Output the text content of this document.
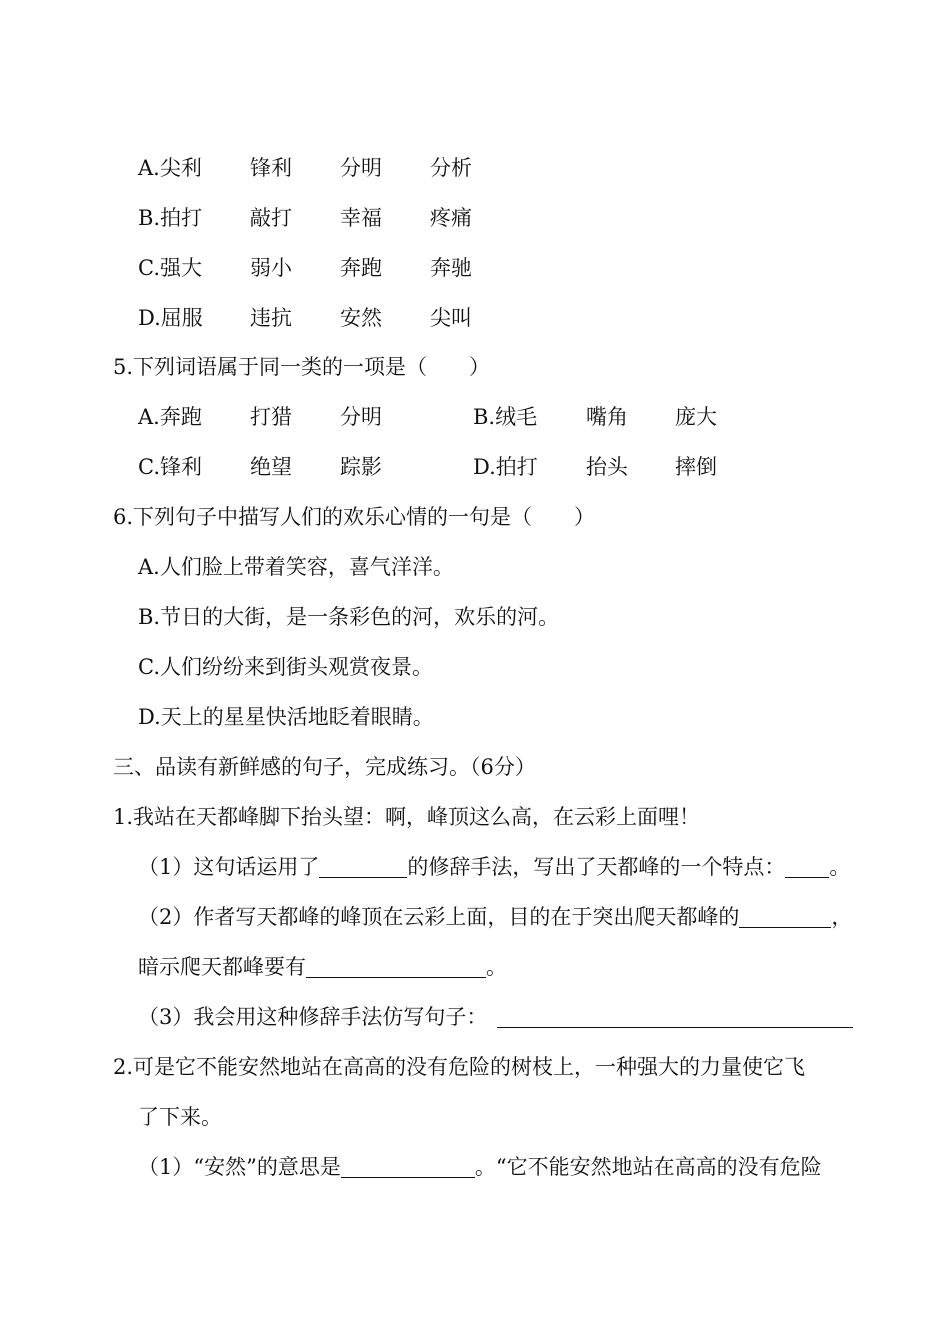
A.尖利 锋利 分明 分析
B.拍打 敲打 幸福 疼痛
C.强大 弱小 奔跑 奔驰
D.屈服 违抗 安然 尖叫
5.下列词语属于同一类的一项是（　　）
A.奔跑 打猎 分明	B.绒毛 嘴角 庞大
C.锋利 绝望 踪影	D.拍打 抬头 摔倒
6.下列句子中描写人们的欢乐心情的一句是（　　）
A.人们脸上带着笑容，喜气洋洋。
B.节日的大街，是一条彩色的河，欢乐的河。
C.人们纷纷来到街头观赏夜景。
D.天上的星星快活地眨着眼睛。
三、品读有新鲜感的句子，完成练习。（6分）
1.我站在天都峰脚下抬头望：啊，峰顶这么高，在云彩上面哩！
（1）这句话运用了	的修辞手法，写出了天都峰的一个特点： 。
（2）作者写天都峰的峰顶在云彩上面，目的在于突出爬天都峰的	，
暗示爬天都峰要有	。
（3）我会用这种修辞手法仿写句子：
2.可是它不能安然地站在高高的没有危险的树枝上，一种强大的力量使它飞
了下来。
（1）“安然”的意思是	。“它不能安然地站在高高的没有危险
